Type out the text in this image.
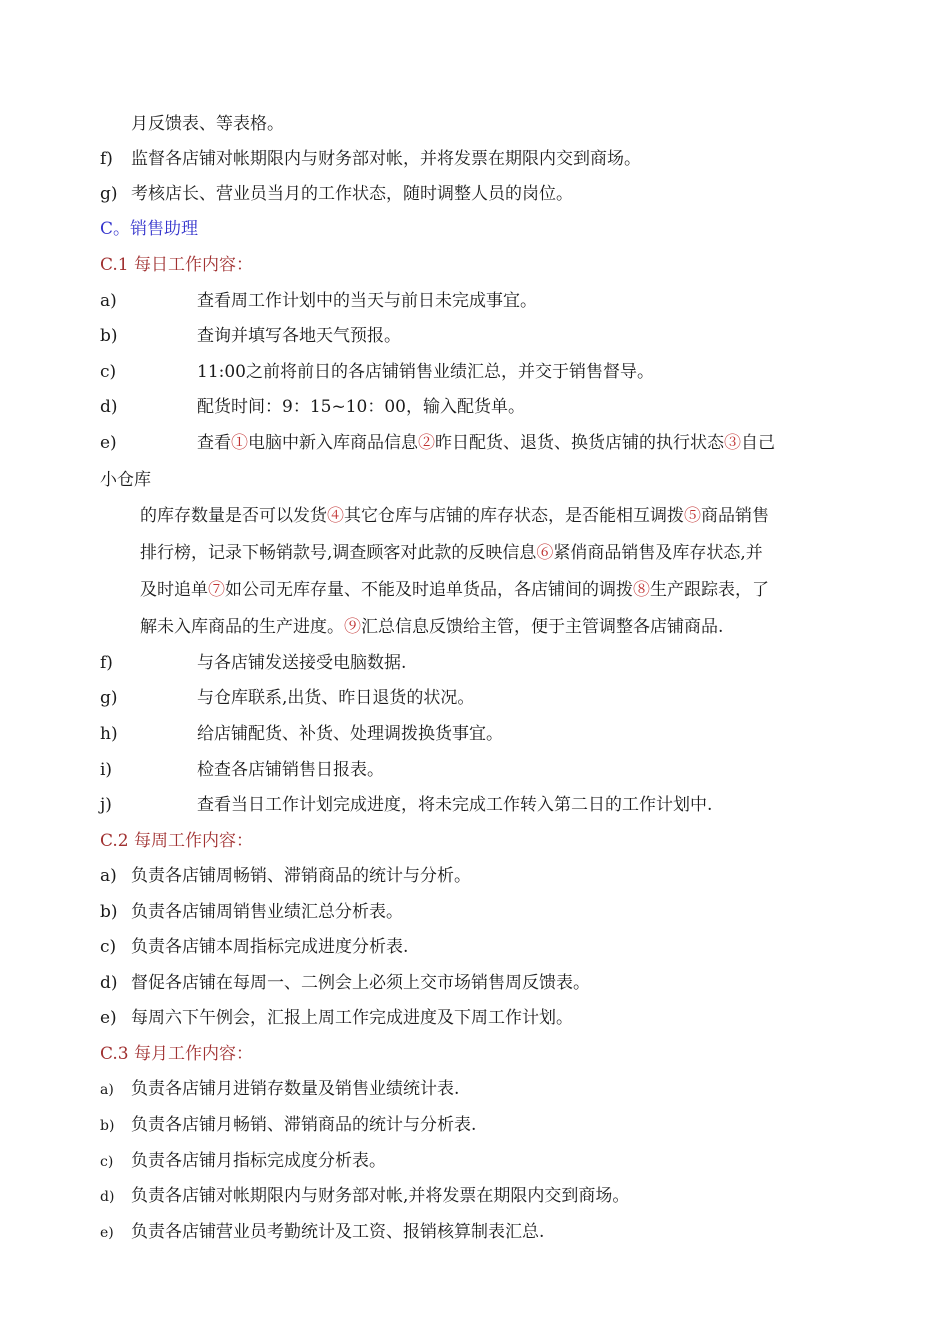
月反馈表、等表格。
f) 监督各店铺对帐期限内与财务部对帐，并将发票在期限内交到商场。
g) 考核店长、营业员当月的工作状态，随时调整人员的岗位。
C。销售助理
C.1 每日工作内容：
a)	查看周工作计划中的当天与前日未完成事宜。
b)	查询并填写各地天气预报。
c)	11:00之前将前日的各店铺销售业绩汇总，并交于销售督导。
d)	配货时间：9：15~10：00，输入配货单。
e)	查看①电脑中新入库商品信息②昨日配货、退货、换货店铺的执行状态③自己
小仓库
的库存数量是否可以发货④其它仓库与店铺的库存状态，是否能相互调拨⑤商品销售
排行榜，记录下畅销款号,调查顾客对此款的反映信息⑥紧俏商品销售及库存状态,并
及时追单⑦如公司无库存量、不能及时追单货品，各店铺间的调拨⑧生产跟踪表，了
解未入库商品的生产进度。⑨汇总信息反馈给主管，便于主管调整各店铺商品.
f)	与各店铺发送接受电脑数据.
g)	与仓库联系,出货、昨日退货的状况。
h)	给店铺配货、补货、处理调拨换货事宜。
i)	检查各店铺销售日报表。
j)	查看当日工作计划完成进度，将未完成工作转入第二日的工作计划中.
C.2 每周工作内容：
a) 负责各店铺周畅销、滞销商品的统计与分析。
b) 负责各店铺周销售业绩汇总分析表。
c) 负责各店铺本周指标完成进度分析表.
d) 督促各店铺在每周一、二例会上必须上交市场销售周反馈表。
e) 每周六下午例会，汇报上周工作完成进度及下周工作计划。
C.3 每月工作内容：
a) 负责各店铺月进销存数量及销售业绩统计表.
b) 负责各店铺月畅销、滞销商品的统计与分析表.
c) 负责各店铺月指标完成度分析表。
d) 负责各店铺对帐期限内与财务部对帐,并将发票在期限内交到商场。
e) 负责各店铺营业员考勤统计及工资、报销核算制表汇总.
